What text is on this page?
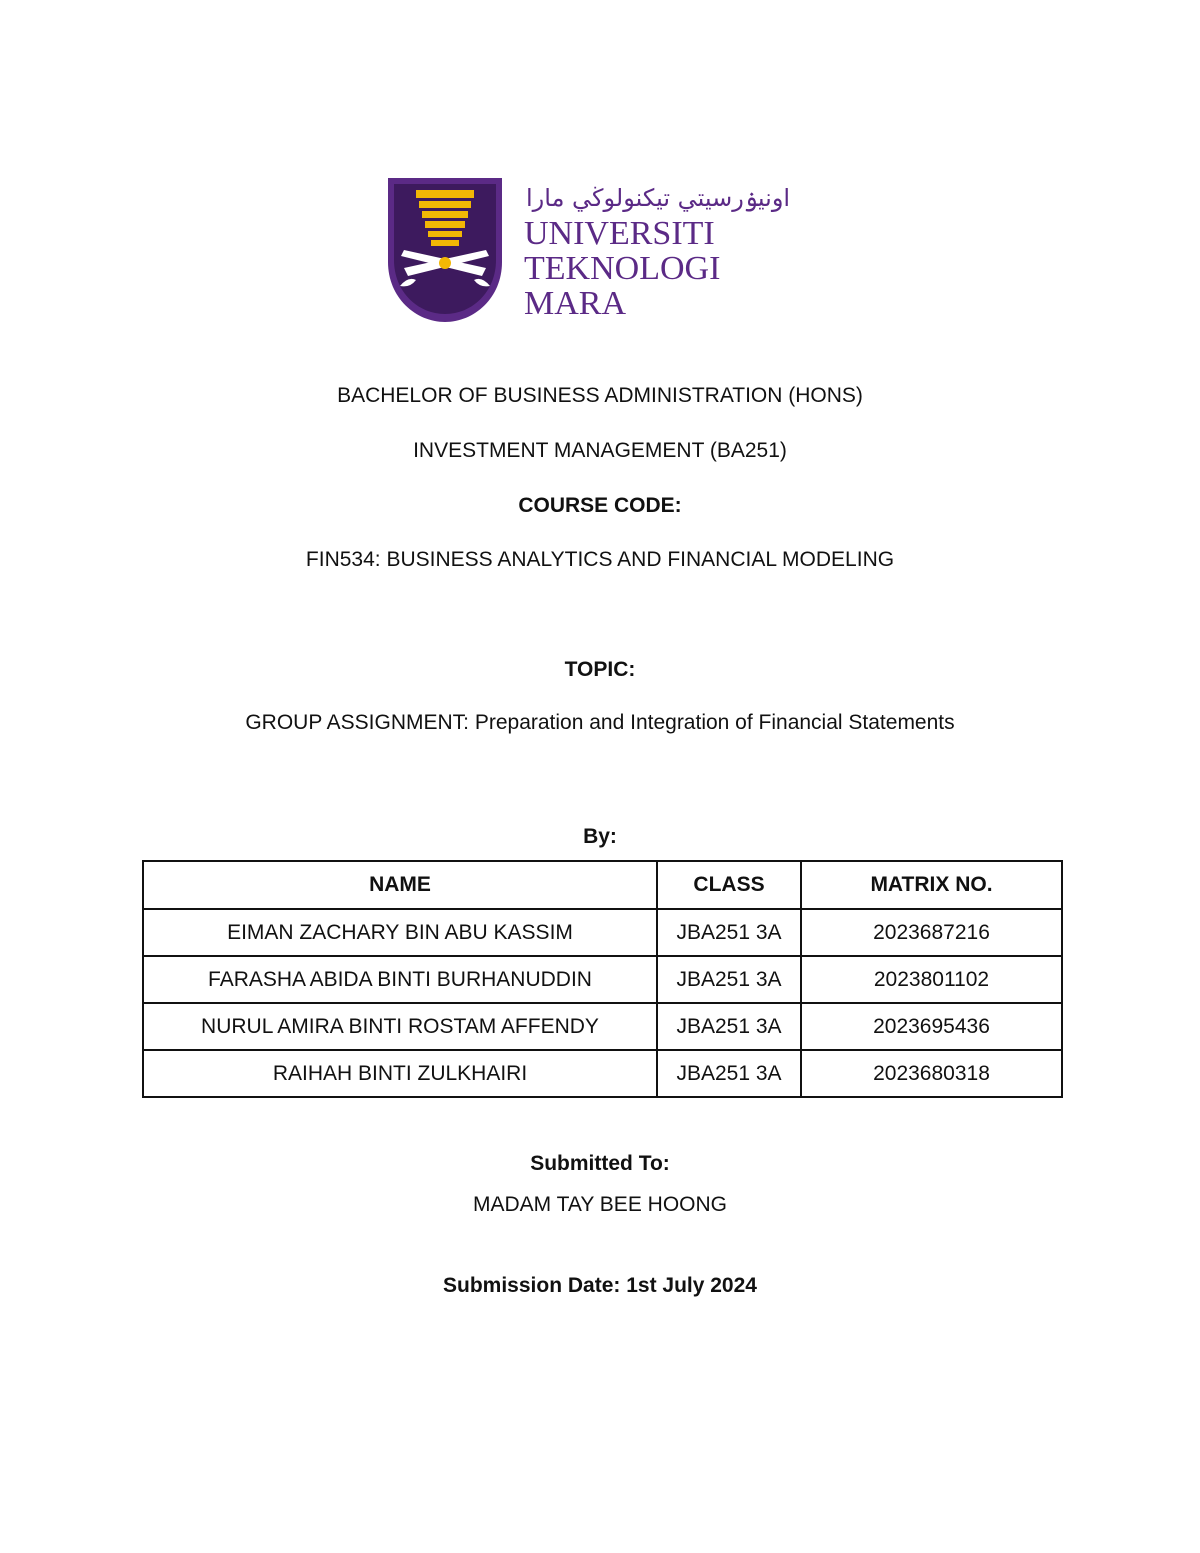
اونيۏرسيتي تيكنولوڬي مارا
UNIVERSITI
TEKNOLOGI
MARA
BACHELOR OF BUSINESS ADMINISTRATION (HONS)
INVESTMENT MANAGEMENT (BA251)
COURSE CODE:
FIN534: BUSINESS ANALYTICS AND FINANCIAL MODELING
TOPIC:
GROUP ASSIGNMENT: Preparation and Integration of Financial Statements
By:
NAME	CLASS	MATRIX NO.
EIMAN ZACHARY BIN ABU KASSIM	JBA251 3A	2023687216
FARASHA ABIDA BINTI BURHANUDDIN	JBA251 3A	2023801102
NURUL AMIRA BINTI ROSTAM AFFENDY	JBA251 3A	2023695436
RAIHAH BINTI ZULKHAIRI	JBA251 3A	2023680318
Submitted To:
MADAM TAY BEE HOONG
Submission Date: 1st July 2024
